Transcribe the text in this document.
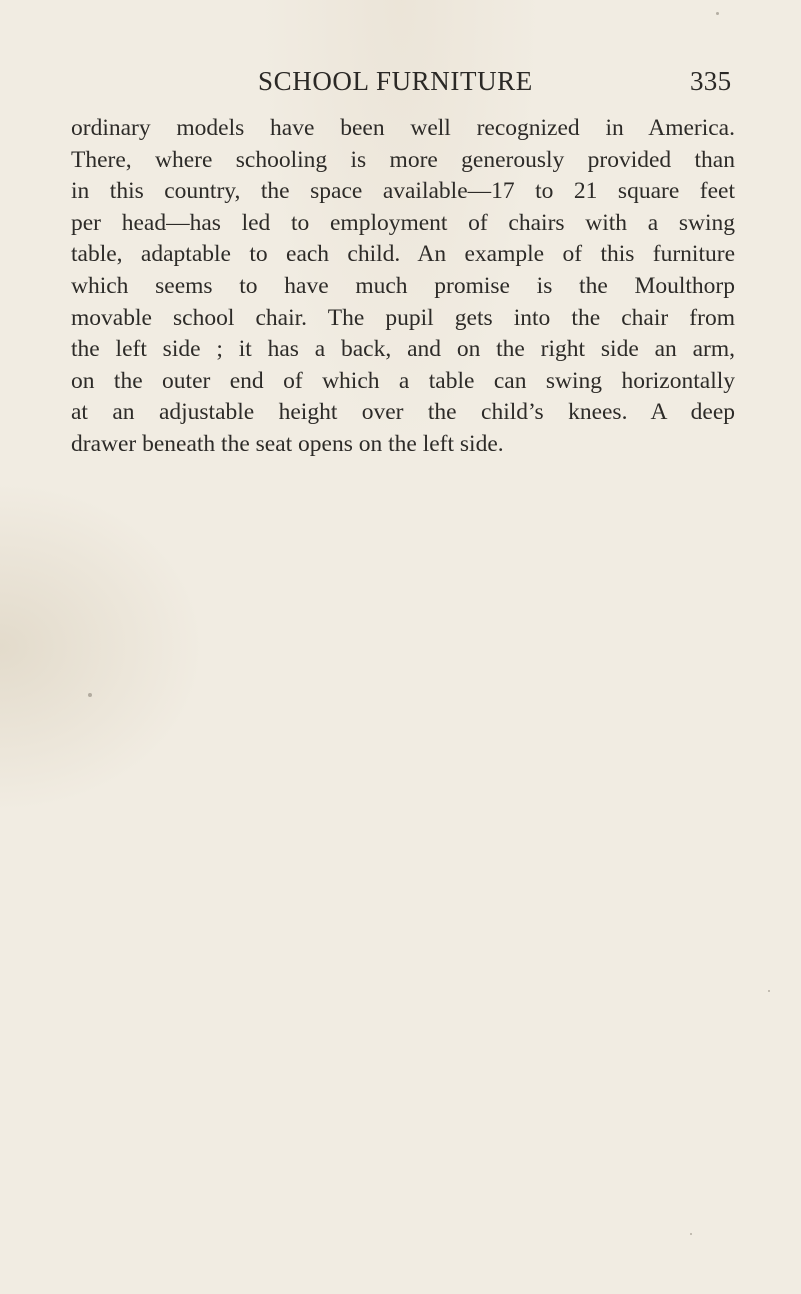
SCHOOL FURNITURE	335

ordinary models have been well recognized in America.
There, where schooling is more generously provided than
in this country, the space available—17 to 21 square feet
per head—has led to employment of chairs with a swing
table, adaptable to each child. An example of this furniture
which seems to have much promise is the Moulthorp
movable school chair. The pupil gets into the chair from
the left side ; it has a back, and on the right side an arm,
on the outer end of which a table can swing horizontally
at an adjustable height over the child’s knees. A deep
drawer beneath the seat opens on the left side.
